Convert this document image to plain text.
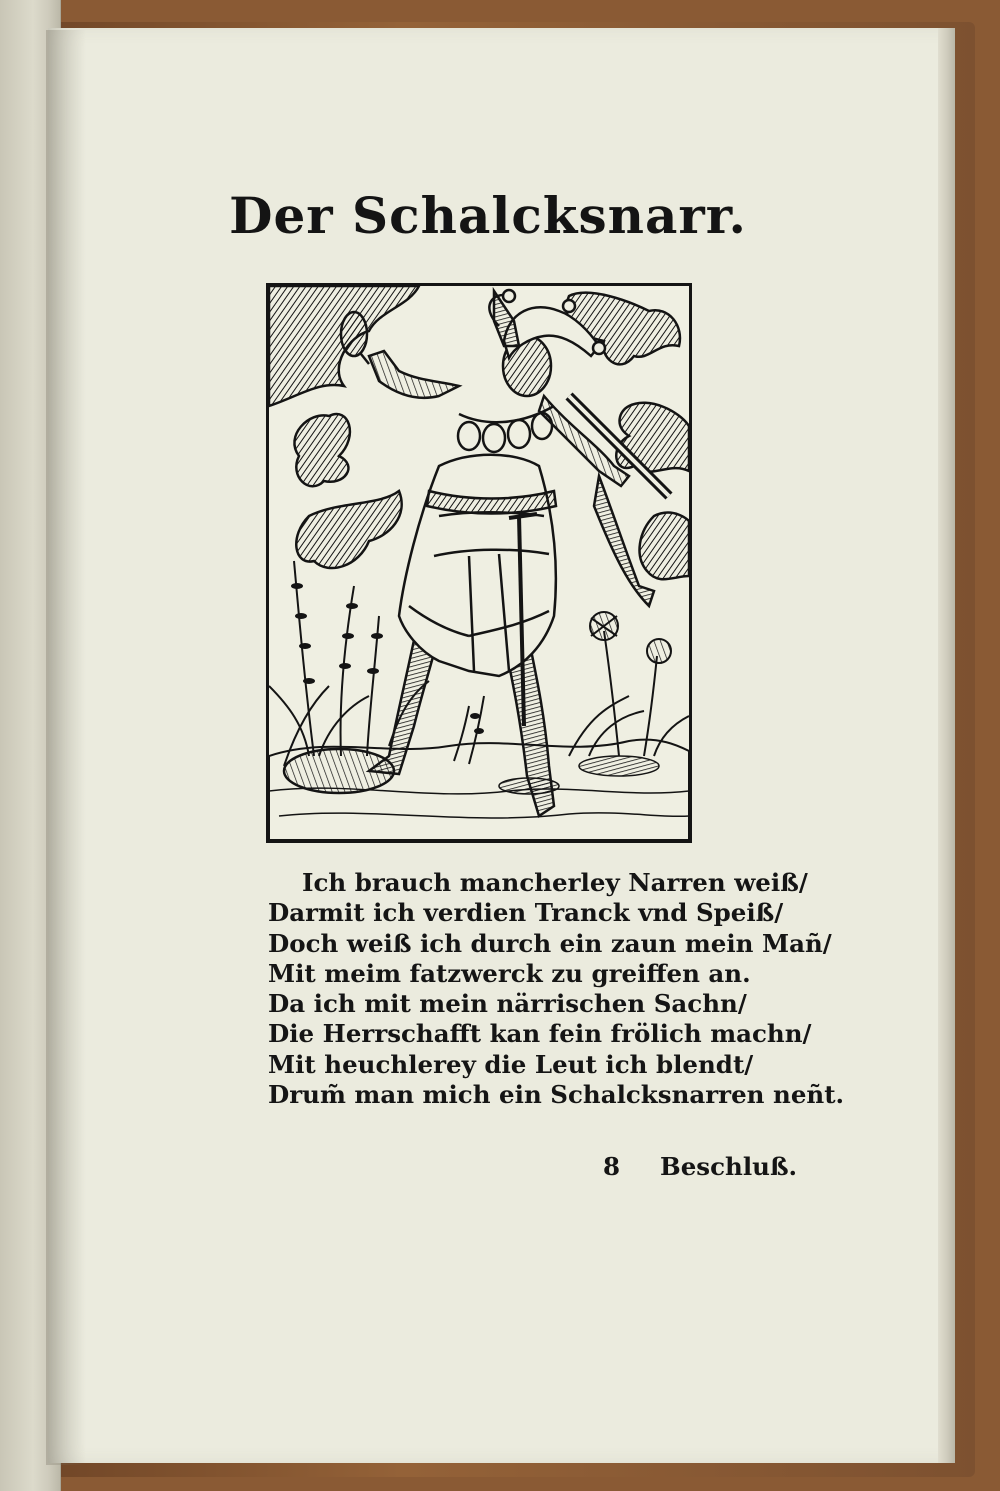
Der Schalcksnarr.
Ich brauch mancherley Narren weiß/
Darmit ich verdien Tranck vnd Speiß/
Doch weiß ich durch ein zaun mein Mañ/
Mit meim fatzwerck zu greiffen an.
Da ich mit mein närrischen Sachn/
Die Herrschafft kan fein frölich machn/
Mit heuchlerey die Leut ich blendt/
Drum̃ man mich ein Schalcksnarren neñt.
8 Beschluß.
